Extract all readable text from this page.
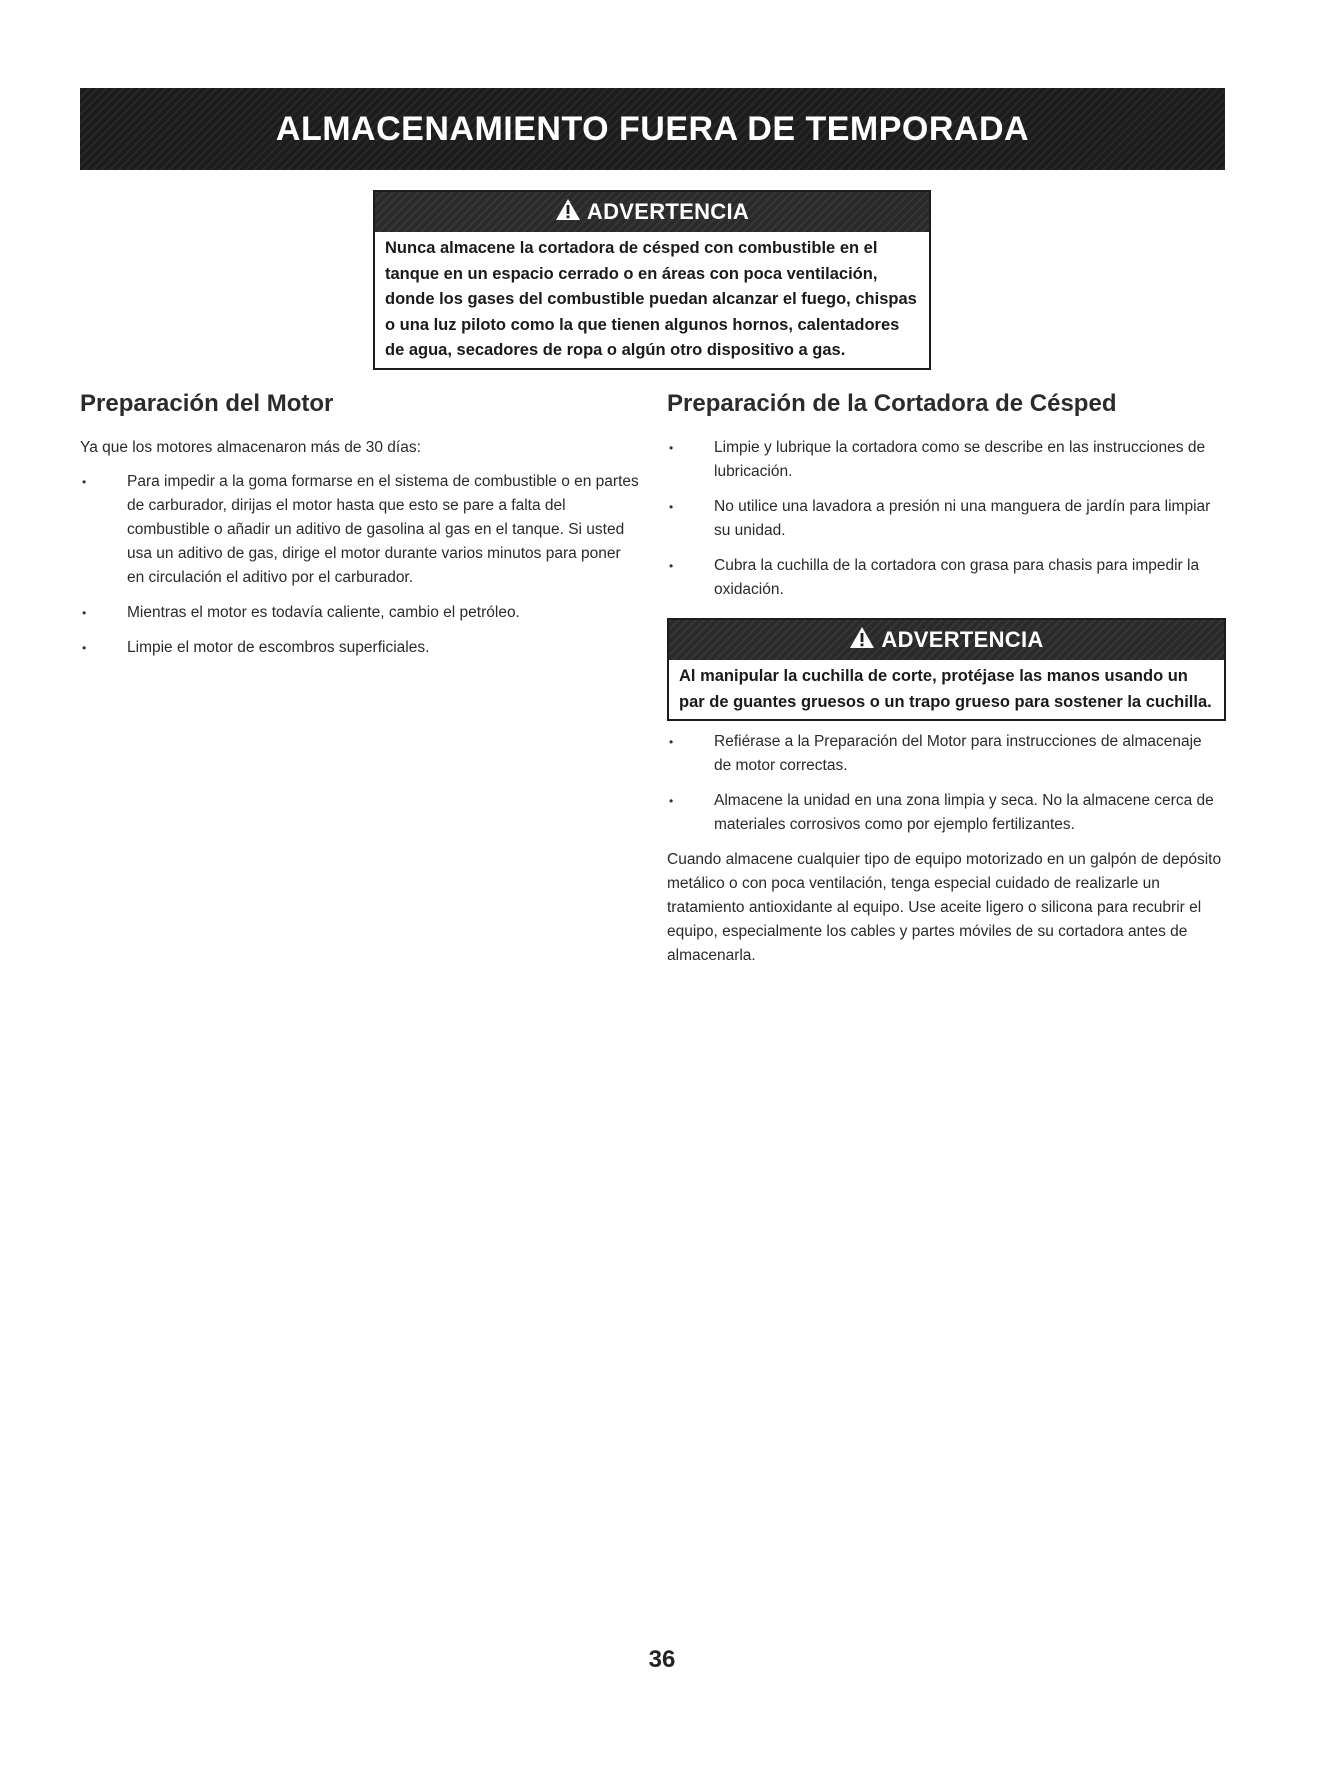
ALMACENAMIENTO FUERA DE TEMPORADA
ADVERTENCIA
Nunca almacene la cortadora de césped con combustible en el tanque en un espacio cerrado o en áreas con poca ventilación, donde los gases del combustible puedan alcanzar el fuego, chispas o una luz piloto como la que tienen algunos hornos, calentadores de agua, secadores de ropa o algún otro dispositivo a gas.
Preparación del Motor	Preparación de la Cortadora de Césped

Ya que los motores almacenaron más de 30 días:

• Para impedir a la goma formarse en el sistema de combustible o en partes de carburador, dirijas el motor hasta que esto se pare a falta del combustible o añadir un aditivo de gasolina al gas en el tanque. Si usted usa un aditivo de gas, dirige el motor durante varios minutos para poner en circulación el aditivo por el carburador.
• Mientras el motor es todavía caliente, cambio el petróleo.
• Limpie el motor de escombros superficiales.
• Limpie y lubrique la cortadora como se describe en las instrucciones de lubricación.
• No utilice una lavadora a presión ni una manguera de jardín para limpiar su unidad.
• Cubra la cuchilla de la cortadora con grasa para chasis para impedir la oxidación.
ADVERTENCIA
Al manipular la cuchilla de corte, protéjase las manos usando un par de guantes gruesos o un trapo grueso para sostener la cuchilla.
• Refiérase a la Preparación del Motor para instrucciones de almacenaje de motor correctas.
• Almacene la unidad en una zona limpia y seca. No la almacene cerca de materiales corrosivos como por ejemplo fertilizantes.

Cuando almacene cualquier tipo de equipo motorizado en un galpón de depósito metálico o con poca ventilación, tenga especial cuidado de realizarle un tratamiento antioxidante al equipo. Use aceite ligero o silicona para recubrir el equipo, especialmente los cables y partes móviles de su cortadora antes de almacenarla.

36
